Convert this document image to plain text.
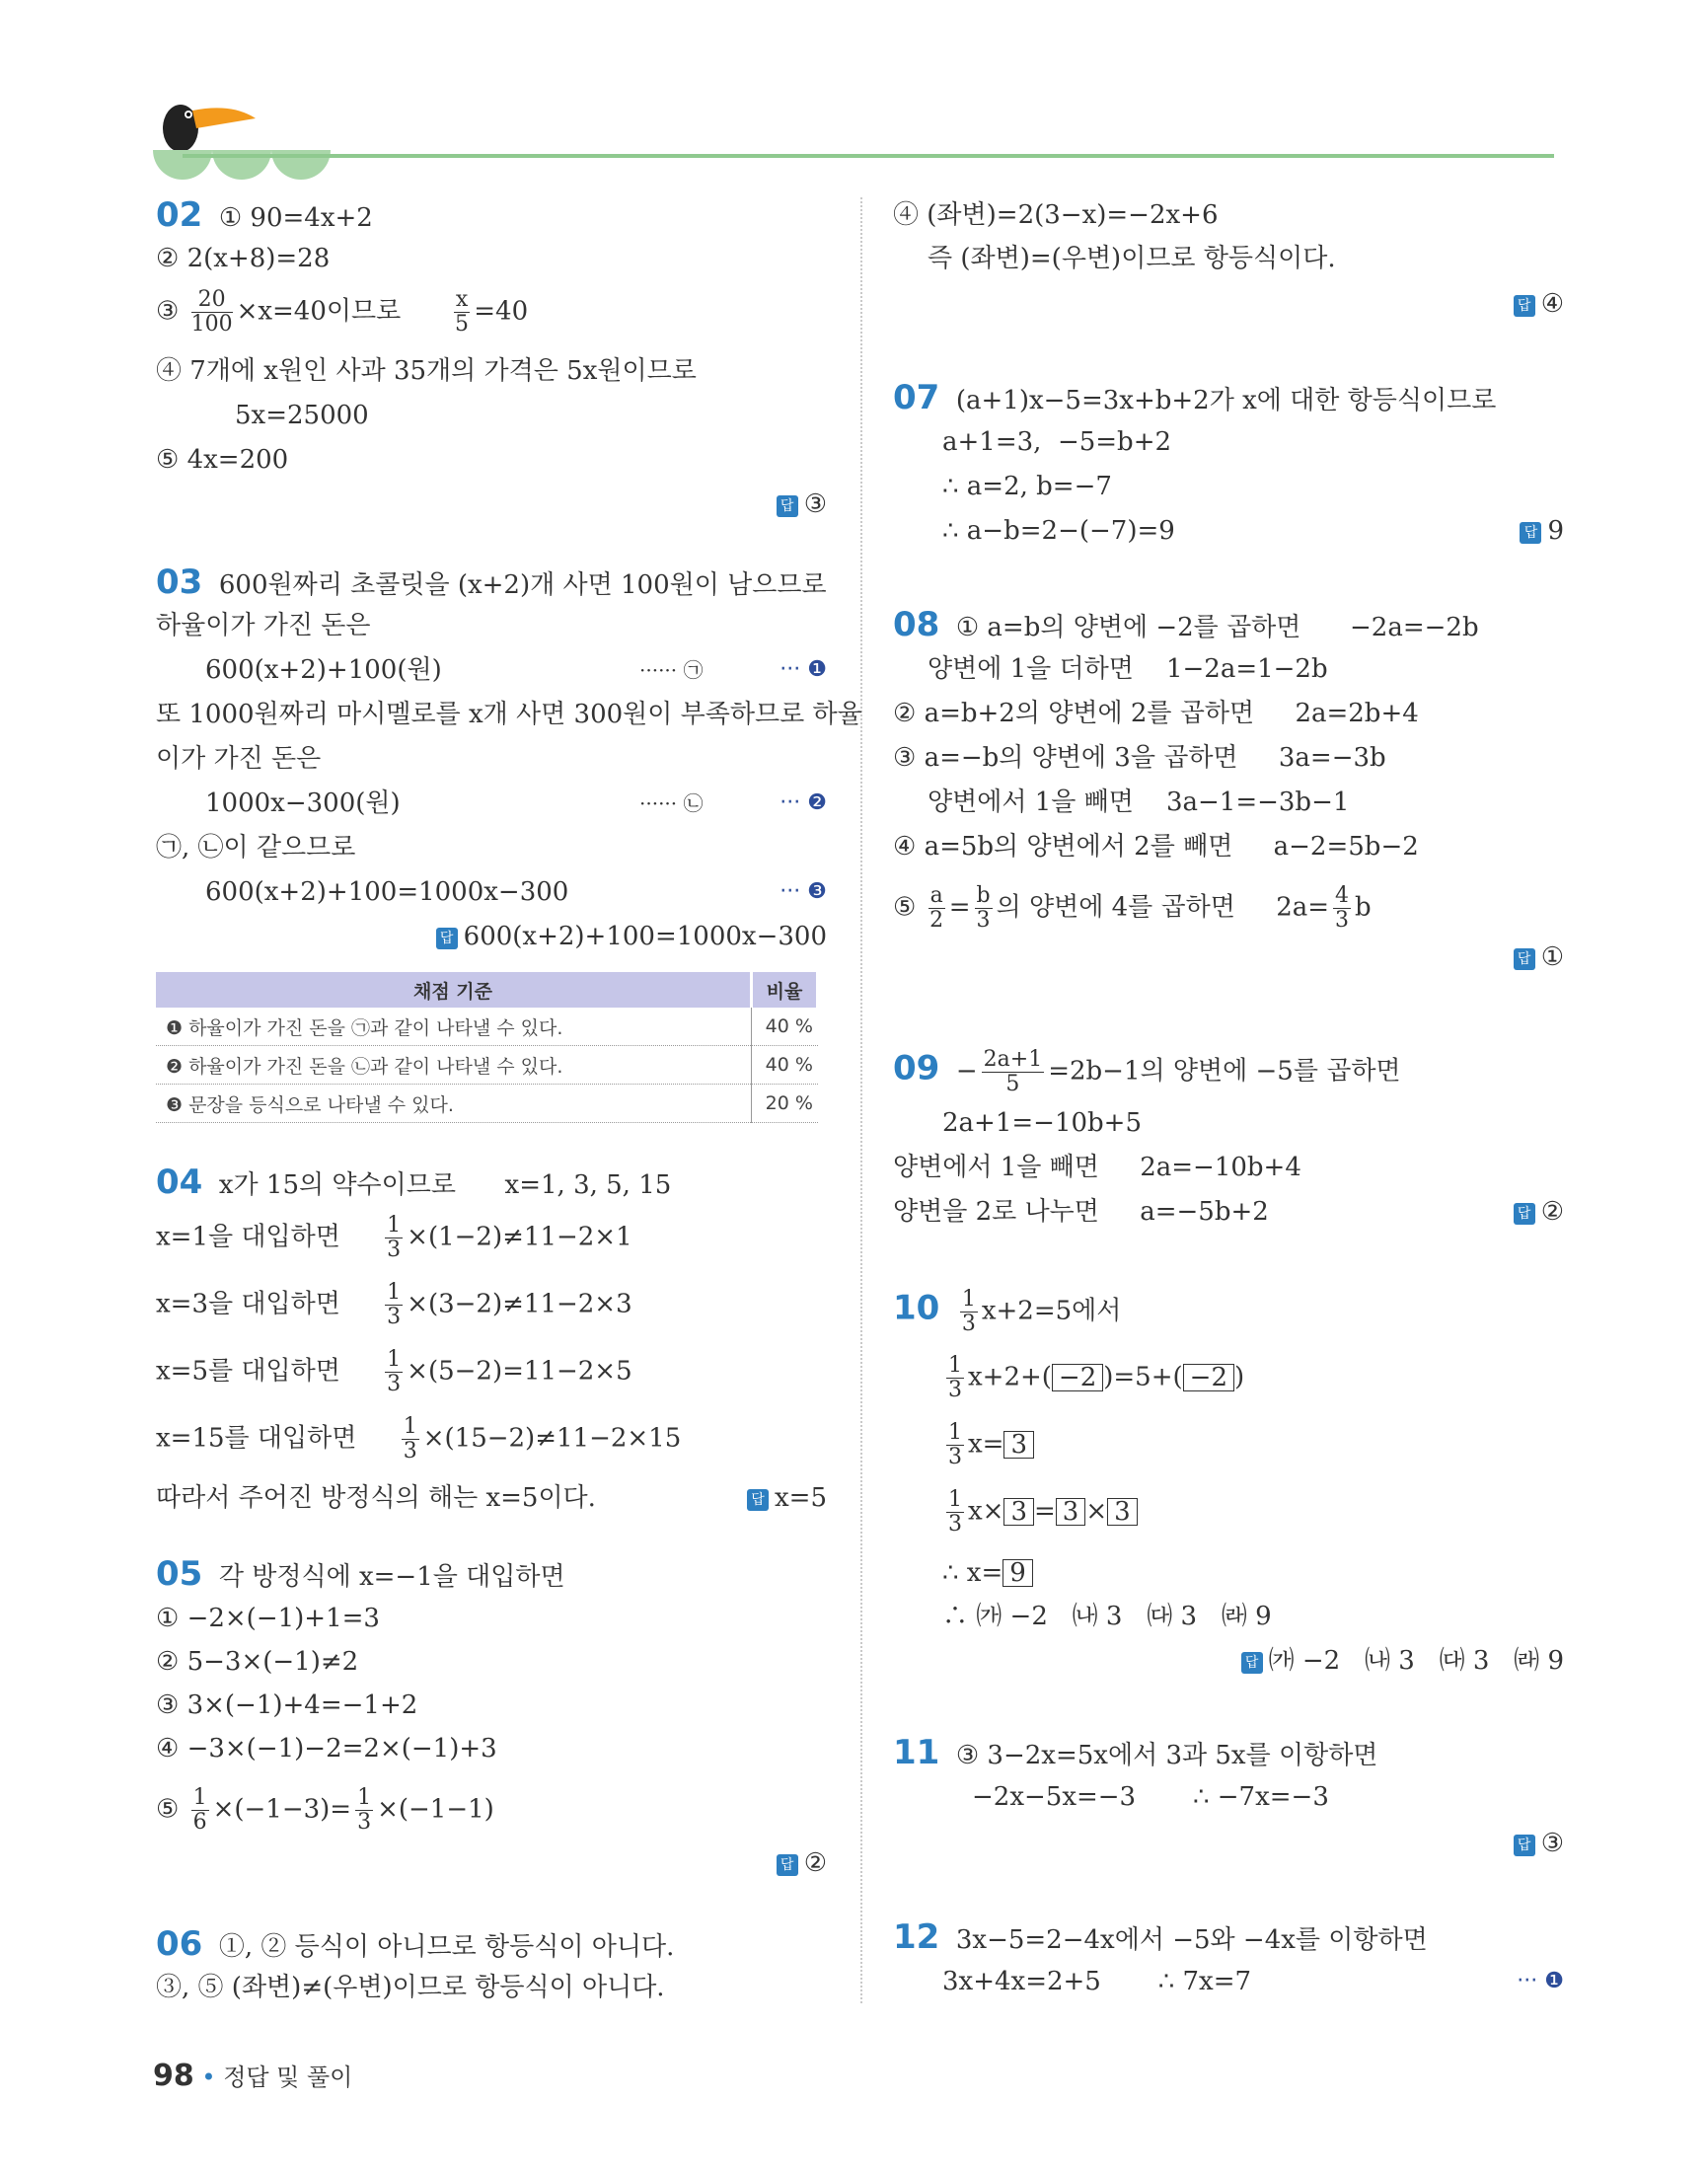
02 ① 90=4x+2
② 2(x+8)=28
③ $\frac{20}{100} \times x=40$이므로 $\frac{x}{5} =40$
④ 7개에 x원인 사과 35개의 가격은 5x원이므로
5x=25000
⑤ 4x=200
답 ③
03 600원짜리 초콜릿을 (x+2)개 사면 100원이 남으므로
하율이가 가진 돈은
600(x+2)+100(원)	······ ㉠	··· ❶
또 1000원짜리 마시멜로를 x개 사면 300원이 부족하므로 하율
이가 가진 돈은
1000x−300(원)	······ ㉡	··· ❷
㉠, ㉡이 같으므로
600(x+2)+100=1000x−300	··· ❸
답 600(x+2)+100=1000x−300
채점 기준	비율
❶ 하율이가 가진 돈을 ㉠과 같이 나타낼 수 있다.	40 %
❷ 하율이가 가진 돈을 ㉡과 같이 나타낼 수 있다.	40 %
❸ 문장을 등식으로 나타낼 수 있다.	20 %
04 x가 15의 약수이므로 x=1, 3, 5, 15
x=1을 대입하면 $\frac{1}{3} \times(1-2)\ne 11-2\times 1$
x=3을 대입하면 $\frac{1}{3} \times(3-2)\ne 11-2\times 3$
x=5를 대입하면 $\frac{1}{3} \times(5-2)=11-2\times 5$
x=15를 대입하면 $\frac{1}{3} \times(15-2)\ne 11-2\times 15$
따라서 주어진 방정식의 해는 x=5이다.	답 x=5
05 각 방정식에 x=−1을 대입하면
① −2×(−1)+1=3
② 5−3×(−1)≠2
③ 3×(−1)+4=−1+2
④ −3×(−1)−2=2×(−1)+3
⑤ $\frac{1}{6} \times(-1-3)= \frac{1}{3} \times(-1-1)$
답 ②
06 ①, ② 등식이 아니므로 항등식이 아니다.
③, ⑤ (좌변)≠(우변)이므로 항등식이 아니다.
④ (좌변)=2(3−x)=−2x+6
즉 (좌변)=(우변)이므로 항등식이다.
답 ④
07 (a+1)x−5=3x+b+2가 x에 대한 항등식이므로
a+1=3,  −5=b+2
∴ a=2, b=−7
∴ a−b=2−(−7)=9	답 9
08 ① a=b의 양변에 −2를 곱하면 −2a=−2b
양변에 1을 더하면 1−2a=1−2b
② a=b+2의 양변에 2를 곱하면 2a=2b+4
③ a=−b의 양변에 3을 곱하면 3a=−3b
양변에서 1을 빼면 3a−1=−3b−1
④ a=5b의 양변에서 2를 빼면 a−2=5b−2
⑤ $\frac{a}{2} = \frac{b}{3}$ 의 양변에 4를 곱하면 $2a= \frac{4}{3}$ b
답 ①
$09 - \frac{2a+1}{5} =2b-1$의 양변에 −5를 곱하면
2a+1=−10b+5
양변에서 1을 빼면 2a=−10b+4
양변을 2로 나누면 a=−5b+2	답 ②
$10 \frac{1}{3} x+2=5$에서
$\frac{1}{3} x+2+( -2$ )=5+( −2 )
$\frac{1}{3} x= 3$
$\frac{1}{3} x\times 3 = 3 \times 3$
∴ x= 9
∴ ㈎ −2   ㈏ 3   ㈐ 3   ㈑ 9
답 ㈎ −2   ㈏ 3   ㈐ 3   ㈑ 9
11 ③ 3−2x=5x에서 3과 5x를 이항하면
−2x−5x=−3       ∴ −7x=−3
답 ③
12 3x−5=2−4x에서 −5와 −4x를 이항하면
3x+4x=2+5       ∴ 7x=7	··· ❶
98 • 정답 및 풀이
